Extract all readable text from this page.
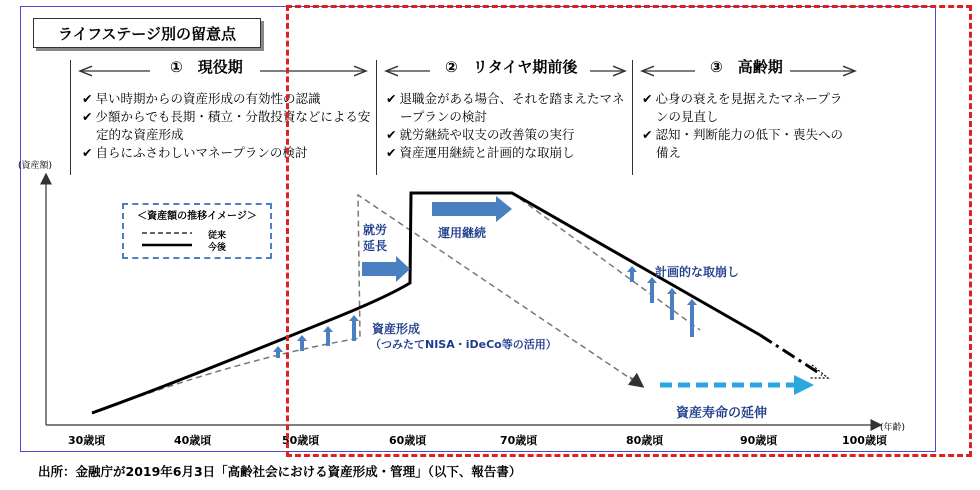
ライフステージ別の留意点
①　現役期	②　リタイヤ期前後	③　高齢期
✔ 早い時期からの資産形成の有効性の認識
✔ 少額からでも長期・積立・分散投資などによる安定的な資産形成
✔ 自らにふさわしいマネープランの検討
✔ 退職金がある場合、それを踏まえたマネープランの検討
✔ 就労継続や収支の改善策の実行
✔ 資産運用継続と計画的な取崩し
✔ 心身の衰えを見据えたマネープランの見直し
✔ 認知・判断能力の低下・喪失への備え
＜資産額の推移イメージ＞
従来
今後
就労延長
運用継続
計画的な取崩し
資産形成
（つみたてNISA・iDeCo等の活用）
資産寿命の延伸
(資産額)
(年齢)
30歳頃	40歳頃	50歳頃	60歳頃	70歳頃	80歳頃	90歳頃	100歳頃
出所：金融庁が2019年6月3日「高齢社会における資産形成・管理」（以下、報告書）
